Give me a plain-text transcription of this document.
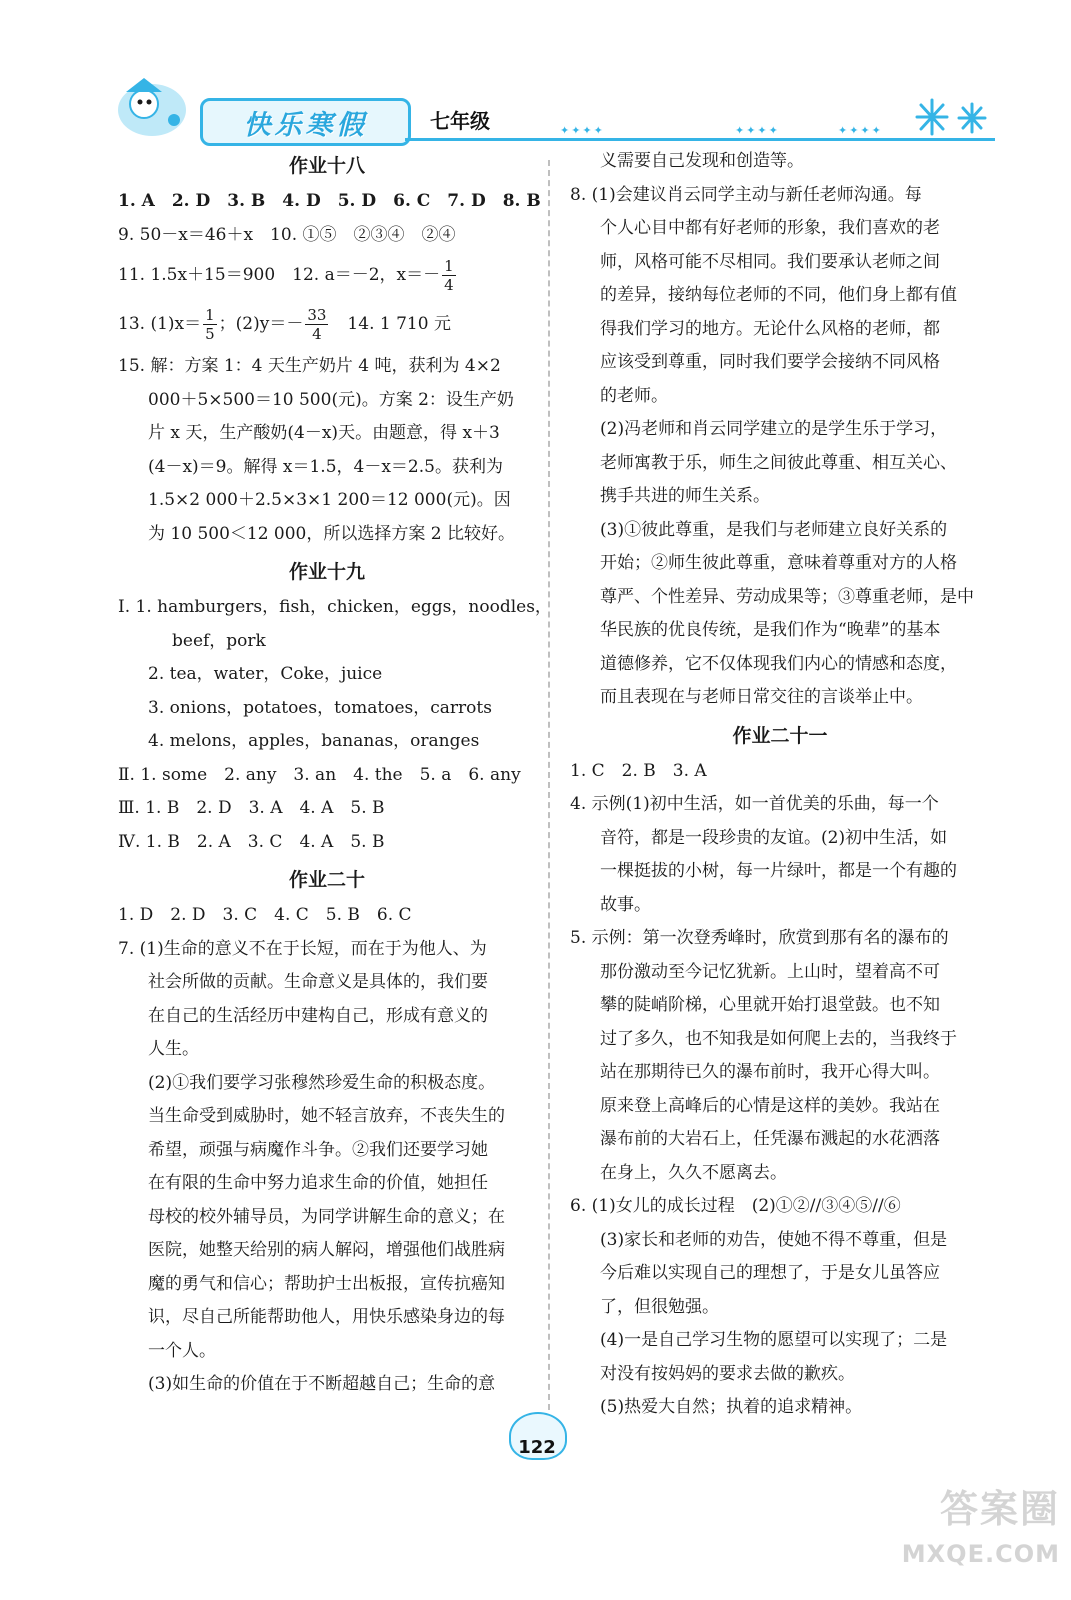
快乐寒假	七年级	✦✦✦✦	✦✦✦✦	✦✦✦✦
作业十八
1. A　2. D　3. B　4. D　5. D　6. C　7. D　8. B
9. 50－x＝46＋x　10. ①⑤　②③④　②④
11. 1.5x＋15＝900　12. a＝－2，$x=- \frac{1}{4}$
13. $(1)x= \frac{1}{5}$ ；$(2)y=- \frac{33}{4}$ 　14. 1 710 元
15. 解：方案 1：4 天生产奶片 4 吨，获利为 4×2
000＋5×500＝10 500(元)。方案 2：设生产奶
片 x 天，生产酸奶(4－x)天。由题意，得 x＋3
(4－x)＝9。解得 x＝1.5，4－x＝2.5。获利为
1.5×2 000＋2.5×3×1 200＝12 000(元)。因
为 10 500＜12 000，所以选择方案 2 比较好。
作业十九
Ⅰ. 1. hamburgers，fish，chicken，eggs，noodles，
beef，pork
2. tea，water，Coke，juice
3. onions，potatoes，tomatoes，carrots
4. melons，apples，bananas，oranges
Ⅱ. 1. some　2. any　3. an　4. the　5. a　6. any
Ⅲ. 1. B　2. D　3. A　4. A　5. B
Ⅳ. 1. B　2. A　3. C　4. A　5. B
作业二十
1. D　2. D　3. C　4. C　5. B　6. C
7. (1)生命的意义不在于长短，而在于为他人、为
社会所做的贡献。生命意义是具体的，我们要
在自己的生活经历中建构自己，形成有意义的
人生。
(2)①我们要学习张穆然珍爱生命的积极态度。
当生命受到威胁时，她不轻言放弃，不丧失生的
希望，顽强与病魔作斗争。②我们还要学习她
在有限的生命中努力追求生命的价值，她担任
母校的校外辅导员，为同学讲解生命的意义；在
医院，她整天给别的病人解闷，增强他们战胜病
魔的勇气和信心；帮助护士出板报，宣传抗癌知
识，尽自己所能帮助他人，用快乐感染身边的每
一个人。
(3)如生命的价值在于不断超越自己；生命的意
义需要自己发现和创造等。
8. (1)会建议肖云同学主动与新任老师沟通。每
个人心目中都有好老师的形象，我们喜欢的老
师，风格可能不尽相同。我们要承认老师之间
的差异，接纳每位老师的不同，他们身上都有值
得我们学习的地方。无论什么风格的老师，都
应该受到尊重，同时我们要学会接纳不同风格
的老师。
(2)冯老师和肖云同学建立的是学生乐于学习，
老师寓教于乐，师生之间彼此尊重、相互关心、
携手共进的师生关系。
(3)①彼此尊重，是我们与老师建立良好关系的
开始；②师生彼此尊重，意味着尊重对方的人格
尊严、个性差异、劳动成果等；③尊重老师，是中
华民族的优良传统，是我们作为“晚辈”的基本
道德修养，它不仅体现我们内心的情感和态度，
而且表现在与老师日常交往的言谈举止中。
作业二十一
1. C　2. B　3. A
4. 示例(1)初中生活，如一首优美的乐曲，每一个
音符，都是一段珍贵的友谊。(2)初中生活，如
一棵挺拔的小树，每一片绿叶，都是一个有趣的
故事。
5. 示例：第一次登秀峰时，欣赏到那有名的瀑布的
那份激动至今记忆犹新。上山时，望着高不可
攀的陡峭阶梯，心里就开始打退堂鼓。也不知
过了多久，也不知我是如何爬上去的，当我终于
站在那期待已久的瀑布前时，我开心得大叫。
原来登上高峰后的心情是这样的美妙。我站在
瀑布前的大岩石上，任凭瀑布溅起的水花洒落
在身上，久久不愿离去。
6. (1)女儿的成长过程　(2)①②//③④⑤//⑥
(3)家长和老师的劝告，使她不得不尊重，但是
今后难以实现自己的理想了，于是女儿虽答应
了，但很勉强。
(4)一是自己学习生物的愿望可以实现了；二是
对没有按妈妈的要求去做的歉疚。
(5)热爱大自然；执着的追求精神。
122
答案圈
MXQE.COM
